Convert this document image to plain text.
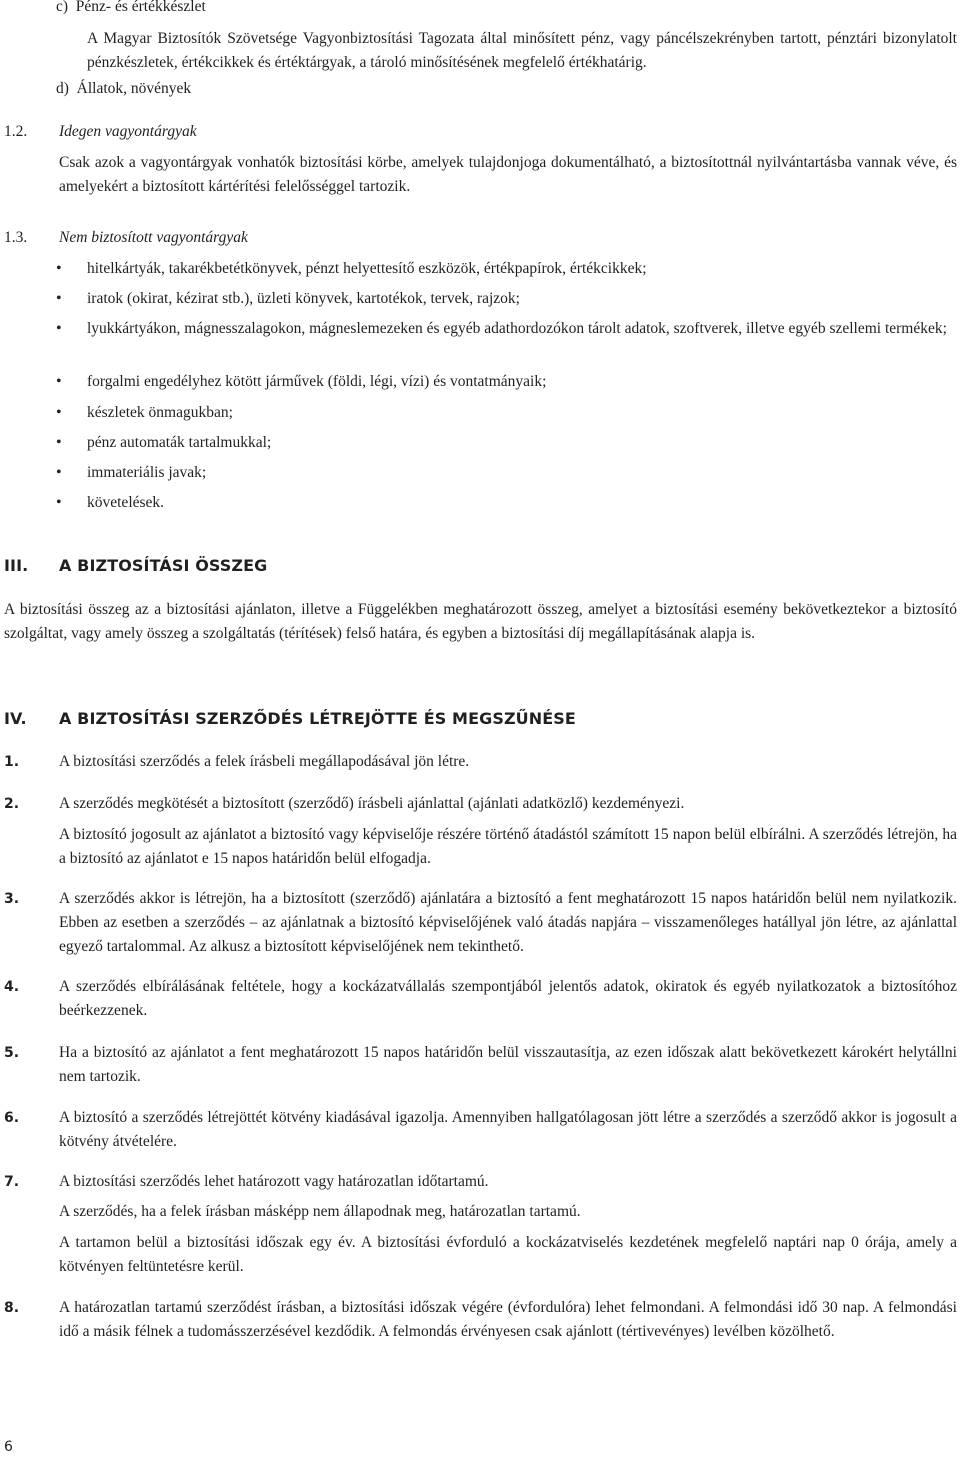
c)  Pénz- és értékkészlet
A Magyar Biztosítók Szövetsége Vagyonbiztosítási Tagozata által minősített pénz, vagy páncélszekrényben tartott, pénztári bizonylatolt pénzkészletek, értékcikkek és értéktárgyak, a tároló minősítésének megfelelő értékhatárig.
d)  Állatok, növények
1.2. Idegen vagyontárgyak
Csak azok a vagyontárgyak vonhatók biztosítási körbe, amelyek tulajdonjoga dokumentálható, a biztosítottnál nyilvántartásba vannak véve, és amelyekért a biztosított kártérítési felelősséggel tartozik.
1.3. Nem biztosított vagyontárgyak
• hitelkártyák, takarékbetétkönyvek, pénzt helyettesítő eszközök, értékpapírok, értékcikkek;
• iratok (okirat, kézirat stb.), üzleti könyvek, kartotékok, tervek, rajzok;
• lyukkártyákon, mágnesszalagokon, mágneslemezeken és egyéb adathordozókon tárolt adatok, szoftverek, illetve egyéb szellemi termékek;
• forgalmi engedélyhez kötött járművek (földi, légi, vízi) és vontatmányaik;
• készletek önmagukban;
• pénz automaták tartalmukkal;
• immateriális javak;
• követelések.
III. A BIZTOSÍTÁSI ÖSSZEG
A biztosítási összeg az a biztosítási ajánlaton, illetve a Függelékben meghatározott összeg, amelyet a biztosítási esemény bekövetkeztekor a biztosító szolgáltat, vagy amely összeg a szolgáltatás (térítések) felső határa, és egyben a biztosítási díj megállapításának alapja is.
IV. A BIZTOSÍTÁSI SZERZŐDÉS LÉTREJÖTTE ÉS MEGSZŰNÉSE
1.	A biztosítási szerződés a felek írásbeli megállapodásával jön létre.
2.	A szerződés megkötését a biztosított (szerződő) írásbeli ajánlattal (ajánlati adatközlő) kezdeményezi.
A biztosító jogosult az ajánlatot a biztosító vagy képviselője részére történő átadástól számított 15 napon belül elbírálni. A szerződés létrejön, ha a biztosító az ajánlatot e 15 napos határidőn belül elfogadja.
3.	A szerződés akkor is létrejön, ha a biztosított (szerződő) ajánlatára a biztosító a fent meghatározott 15 napos határidőn belül nem nyilatkozik. Ebben az esetben a szerződés – az ajánlatnak a biztosító képviselőjének való átadás napjára – visszamenőleges hatállyal jön létre, az ajánlattal egyező tartalommal. Az alkusz a biztosított képviselőjének nem tekinthető.
4.	A szerződés elbírálásának feltétele, hogy a kockázatvállalás szempontjából jelentős adatok, okiratok és egyéb nyilatkozatok a biztosítóhoz beérkezzenek.
5.	Ha a biztosító az ajánlatot a fent meghatározott 15 napos határidőn belül visszautasítja, az ezen időszak alatt bekövetkezett károkért helytállni nem tartozik.
6.	A biztosító a szerződés létrejöttét kötvény kiadásával igazolja. Amennyiben hallgatólagosan jött létre a szerződés a szerződő akkor is jogosult a kötvény átvételére.
7.	A biztosítási szerződés lehet határozott vagy határozatlan időtartamú.
A szerződés, ha a felek írásban másképp nem állapodnak meg, határozatlan tartamú.
A tartamon belül a biztosítási időszak egy év. A biztosítási évforduló a kockázatviselés kezdetének megfelelő naptári nap 0 órája, amely a kötvényen feltüntetésre kerül.
8.	A határozatlan tartamú szerződést írásban, a biztosítási időszak végére (évfordulóra) lehet felmondani. A felmondási idő 30 nap. A felmondási idő a másik félnek a tudomásszerzésével kezdődik. A felmondás érvényesen csak ajánlott (tértivevényes) levélben közölhető.
6
